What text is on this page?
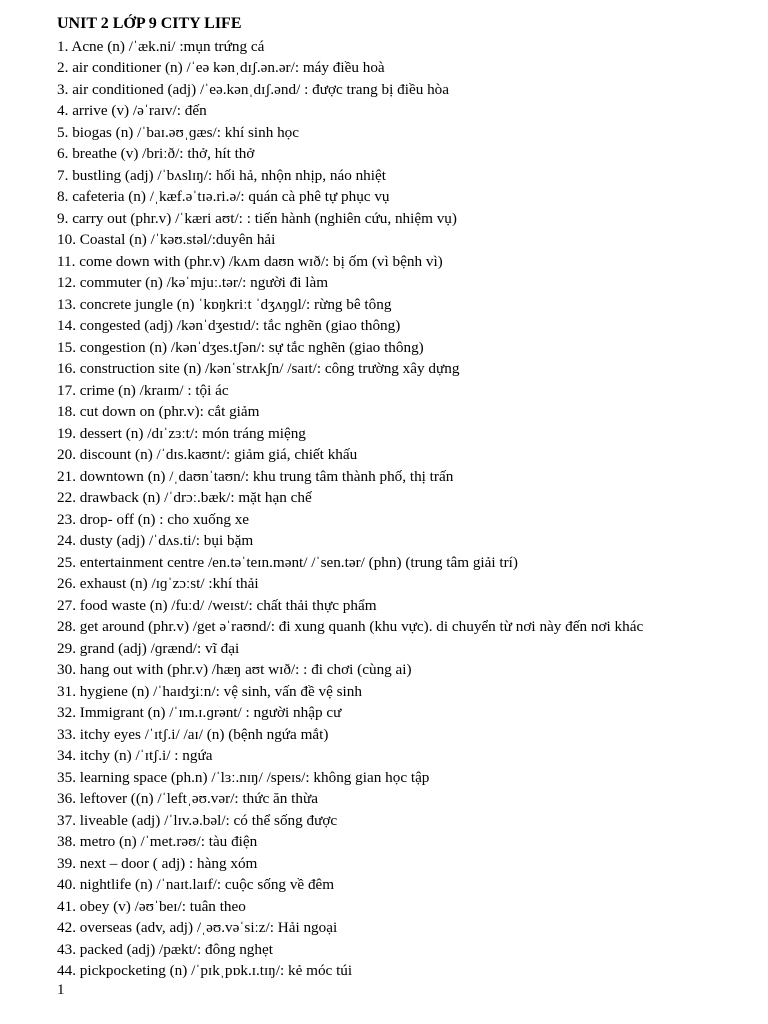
UNIT 2 LỚP 9 CITY LIFE
1. Acne (n) /ˈæk.ni/ :mụn trứng cá
2. air conditioner (n) /ˈeə kənˌdɪʃ.ən.ər/: máy điều hoà
3. air conditioned (adj) /ˈeə.kənˌdɪʃ.ənd/ : được trang bị điều hòa
4. arrive (v) /əˈraɪv/: đến
5. biogas (n) /ˈbaɪ.əʊˌɡæs/: khí sinh học
6. breathe (v) /briːð/: thở, hít thở
7. bustling (adj) /ˈbʌslɪŋ/: hối hả, nhộn nhịp, náo nhiệt
8. cafeteria (n) /ˌkæf.əˈtɪə.ri.ə/: quán cà phê tự phục vụ
9. carry out (phr.v) /ˈkæri aʊt/: : tiến hành (nghiên cứu, nhiệm vụ)
10. Coastal (n) /ˈkəʊ.stəl/:duyên hải
11. come down with (phr.v) /kʌm daʊn wɪð/: bị ốm (vì bệnh vì)
12. commuter (n) /kəˈmjuː.tər/: người đi làm
13. concrete jungle (n) ˈkɒŋkriːt ˈdʒʌŋɡl/: rừng bê tông
14. congested (adj) /kənˈdʒestɪd/: tắc nghẽn (giao thông)
15. congestion (n) /kənˈdʒes.tʃən/: sự tắc nghẽn (giao thông)
16. construction site (n) /kənˈstrʌkʃn/ /saɪt/: công trường xây dựng
17. crime (n) /kraɪm/ : tội ác
18. cut down on (phr.v): cắt giảm
19. dessert (n) /dɪˈzɜːt/: món tráng miệng
20. discount (n) /ˈdɪs.kaʊnt/: giảm giá, chiết khấu
21. downtown (n) /ˌdaʊnˈtaʊn/: khu trung tâm thành phố, thị trấn
22. drawback (n) /ˈdrɔː.bæk/: mặt hạn chế
23. drop- off (n) : cho xuống xe
24. dusty (adj) /ˈdʌs.ti/: bụi bặm
25. entertainment centre /en.təˈteɪn.mənt/ /ˈsen.tər/ (phn) (trung tâm giải trí)
26. exhaust (n) /ɪɡˈzɔːst/ :khí thải
27. food waste (n) /fuːd/ /weɪst/: chất thải thực phẩm
28. get around (phr.v) /get əˈraʊnd/: đi xung quanh (khu vực). di chuyển từ nơi này đến nơi khác
29. grand (adj) /ɡrænd/: vĩ đại
30. hang out with (phr.v) /hæŋ aʊt wɪð/: : đi chơi (cùng ai)
31. hygiene (n) /ˈhaɪdʒiːn/: vệ sinh, vấn đề vệ sinh
32. Immigrant (n) /ˈɪm.ɪ.ɡrənt/ : người nhập cư
33. itchy eyes /ˈɪtʃ.i/ /aɪ/ (n) (bệnh ngứa mắt)
34. itchy (n) /ˈɪtʃ.i/ : ngứa
35. learning space (ph.n) /ˈlɜː.nɪŋ/ /speɪs/: không gian học tập
36. leftover ((n) /ˈleftˌəʊ.vər/: thức ăn thừa
37. liveable (adj) /ˈlɪv.ə.bəl/: có thể sống được
38. metro (n) /ˈmet.rəʊ/: tàu điện
39. next – door ( adj) : hàng xóm
40. nightlife (n) /ˈnaɪt.laɪf/: cuộc sống về đêm
41. obey (v) /əʊˈbeɪ/: tuân theo
42. overseas (adv, adj) /ˌəʊ.vəˈsiːz/: Hải ngoại
43. packed (adj) /pækt/: đông nghẹt
44. pickpocketing (n) /ˈpɪkˌpɒk.ɪ.tɪŋ/: kẻ móc túi
1
